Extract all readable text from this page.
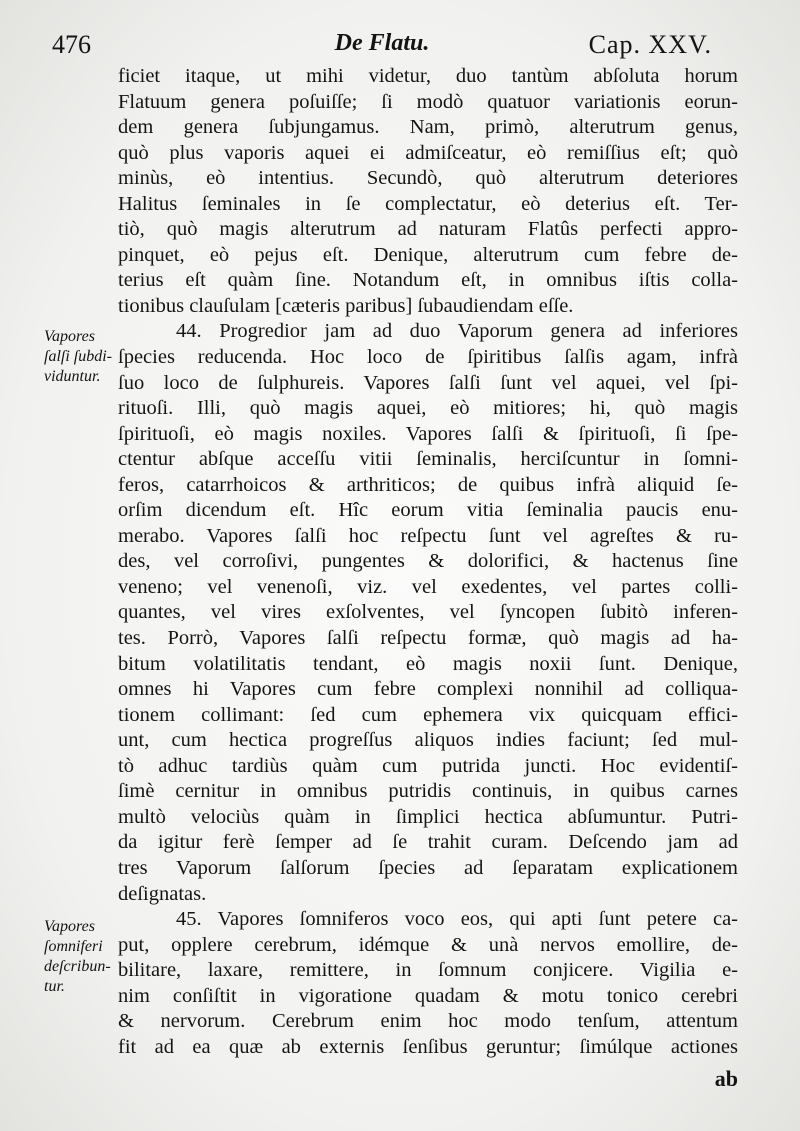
476	De Flatu.	Cap. XXV.
Vapores
ſalſi ſubdi-
viduntur.
Vapores
ſomniferi
deſcribun-
tur.
ficiet itaque, ut mihi videtur, duo tantùm abſoluta horum
Flatuum genera poſuiſſe; ſi modò quatuor variationis eorun-
dem genera ſubjungamus. Nam, primò, alterutrum genus,
quò plus vaporis aquei ei admiſceatur, eò remiſſius eſt; quò
minùs, eò intentius. Secundò, quò alterutrum deteriores
Halitus ſeminales in ſe complectatur, eò deterius eſt. Ter-
tiò, quò magis alterutrum ad naturam Flatûs perfecti appro-
pinquet, eò pejus eſt. Denique, alterutrum cum febre de-
terius eſt quàm ſine. Notandum eſt, in omnibus iſtis colla-
tionibus clauſulam [cæteris paribus] ſubaudiendam eſſe.
44. Progredior jam ad duo Vaporum genera ad inferiores
ſpecies reducenda. Hoc loco de ſpiritibus ſalſis agam, infrà
ſuo loco de ſulphureis. Vapores ſalſi ſunt vel aquei, vel ſpi-
rituoſi. Illi, quò magis aquei, eò mitiores; hi, quò magis
ſpirituoſi, eò magis noxiles. Vapores ſalſi & ſpirituoſi, ſi ſpe-
ctentur abſque acceſſu vitii ſeminalis, herciſcuntur in ſomni-
feros, catarrhoicos & arthriticos; de quibus infrà aliquid ſe-
orſim dicendum eſt. Hîc eorum vitia ſeminalia paucis enu-
merabo. Vapores ſalſi hoc reſpectu ſunt vel agreſtes & ru-
des, vel corroſivi, pungentes & dolorifici, & hactenus ſine
veneno; vel venenoſi, viz. vel exedentes, vel partes colli-
quantes, vel vires exſolventes, vel ſyncopen ſubitò inferen-
tes. Porrò, Vapores ſalſi reſpectu formæ, quò magis ad ha-
bitum volatilitatis tendant, eò magis noxii ſunt. Denique,
omnes hi Vapores cum febre complexi nonnihil ad colliqua-
tionem collimant: ſed cum ephemera vix quicquam effici-
unt, cum hectica progreſſus aliquos indies faciunt; ſed mul-
tò adhuc tardiùs quàm cum putrida juncti. Hoc evidentiſ-
ſimè cernitur in omnibus putridis continuis, in quibus carnes
multò velociùs quàm in ſimplici hectica abſumuntur. Putri-
da igitur ferè ſemper ad ſe trahit curam. Deſcendo jam ad
tres Vaporum ſalſorum ſpecies ad ſeparatam explicationem
deſignatas.
45. Vapores ſomniferos voco eos, qui apti ſunt petere ca-
put, opplere cerebrum, idémque & unà nervos emollire, de-
bilitare, laxare, remittere, in ſomnum conjicere. Vigilia e-
nim conſiſtit in vigoratione quadam & motu tonico cerebri
& nervorum. Cerebrum enim hoc modo tenſum, attentum
fit ad ea quæ ab externis ſenſibus geruntur; ſimúlque actiones
ab
